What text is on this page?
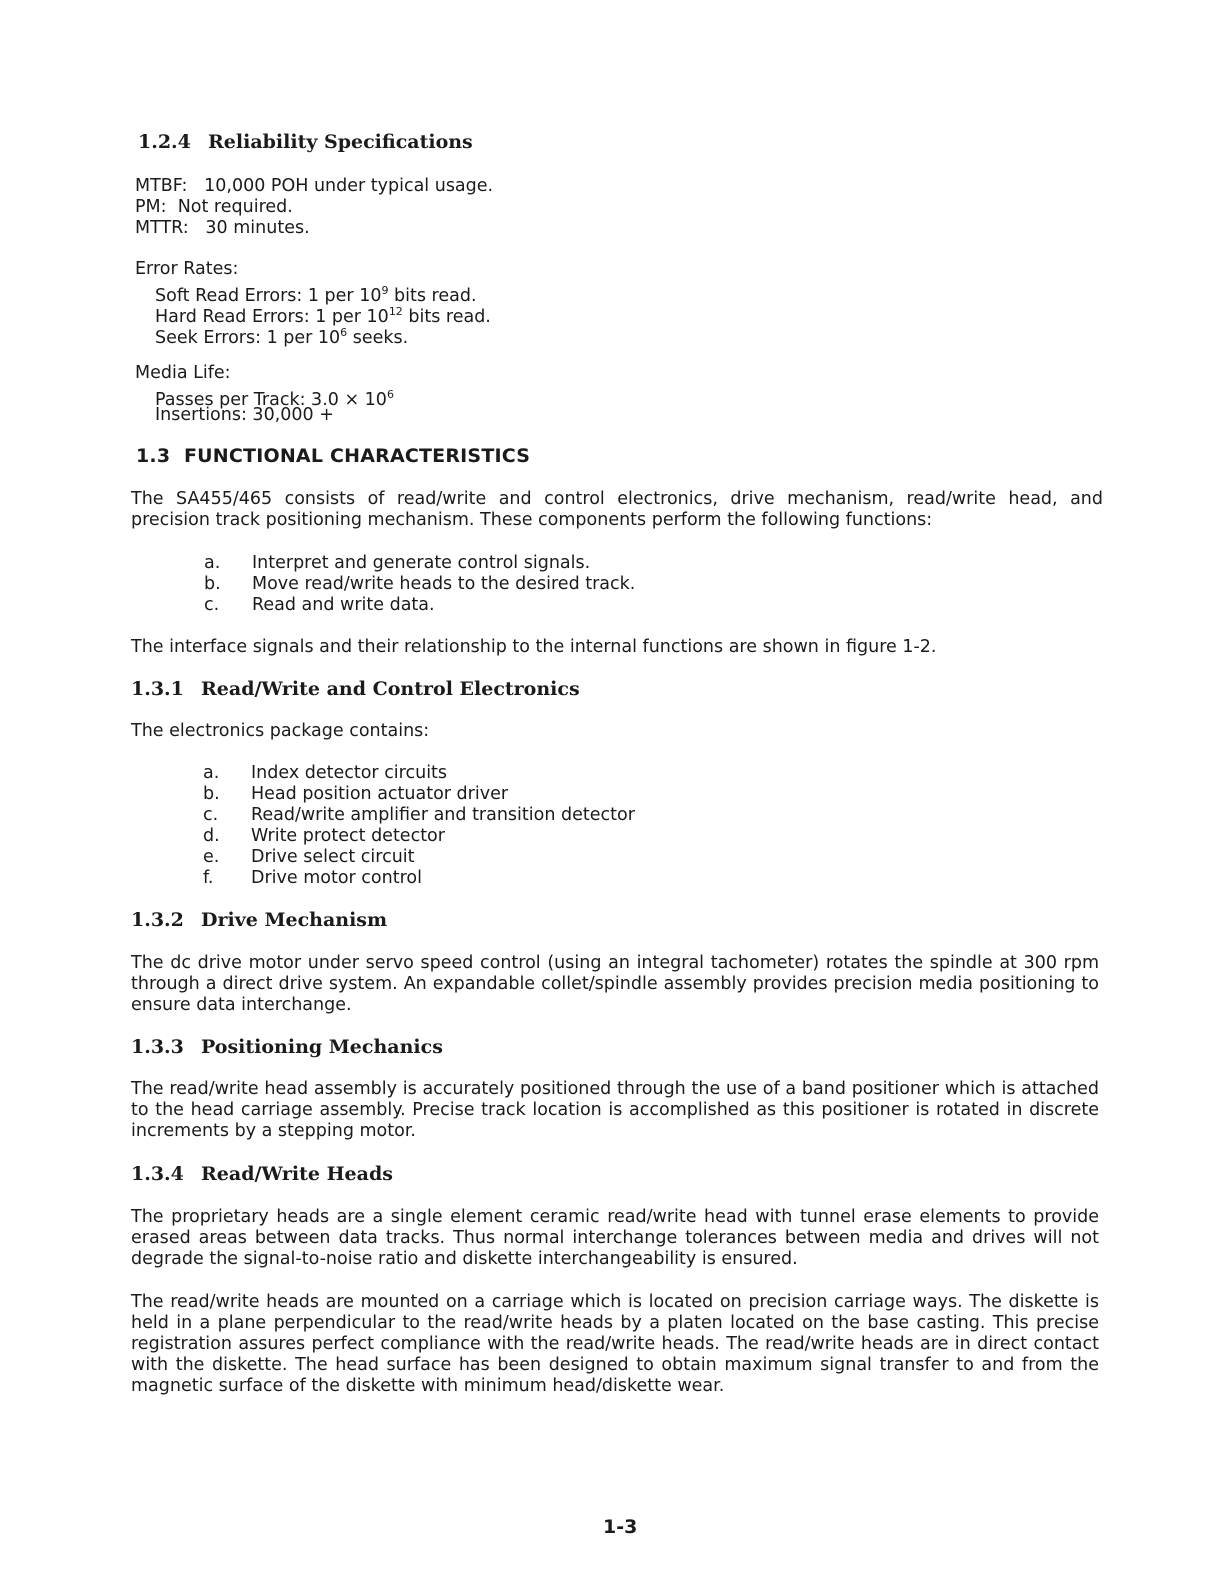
1.2.4 Reliability Specifications
MTBF: 10,000 POH under typical usage.
PM: Not required.
MTTR: 30 minutes.
Error Rates:
Soft Read Errors: 1 per $10^9$ bits read.
Hard Read Errors: 1 per $10^{12}$ bits read.
Seek Errors: 1 per $10^6$ seeks.
Media Life:
Passes per Track: $3.0 \times 10^6$
Insertions: 30,000 +
1.3 FUNCTIONAL CHARACTERISTICS
The SA455/465 consists of read/write and control electronics, drive mechanism, read/write head, and precision track positioning mechanism. These components perform the following functions:
a.	Interpret and generate control signals.
b.	Move read/write heads to the desired track.
c.	Read and write data.
The interface signals and their relationship to the internal functions are shown in figure 1-2.
1.3.1 Read/Write and Control Electronics
The electronics package contains:
a.	Index detector circuits
b.	Head position actuator driver
c.	Read/write amplifier and transition detector
d.	Write protect detector
e.	Drive select circuit
f.	Drive motor control
1.3.2 Drive Mechanism
The dc drive motor under servo speed control (using an integral tachometer) rotates the spindle at 300 rpm through a direct drive system. An expandable collet/spindle assembly provides precision media positioning to ensure data interchange.
1.3.3 Positioning Mechanics
The read/write head assembly is accurately positioned through the use of a band positioner which is attached to the head carriage assembly. Precise track location is accomplished as this positioner is rotated in discrete increments by a stepping motor.
1.3.4 Read/Write Heads
The proprietary heads are a single element ceramic read/write head with tunnel erase elements to provide erased areas between data tracks. Thus normal interchange tolerances between media and drives will not degrade the signal-to-noise ratio and diskette interchangeability is ensured.
The read/write heads are mounted on a carriage which is located on precision carriage ways. The diskette is held in a plane perpendicular to the read/write heads by a platen located on the base casting. This precise registration assures perfect compliance with the read/write heads. The read/write heads are in direct contact with the diskette. The head surface has been designed to obtain maximum signal transfer to and from the magnetic surface of the diskette with minimum head/diskette wear.
1-3
